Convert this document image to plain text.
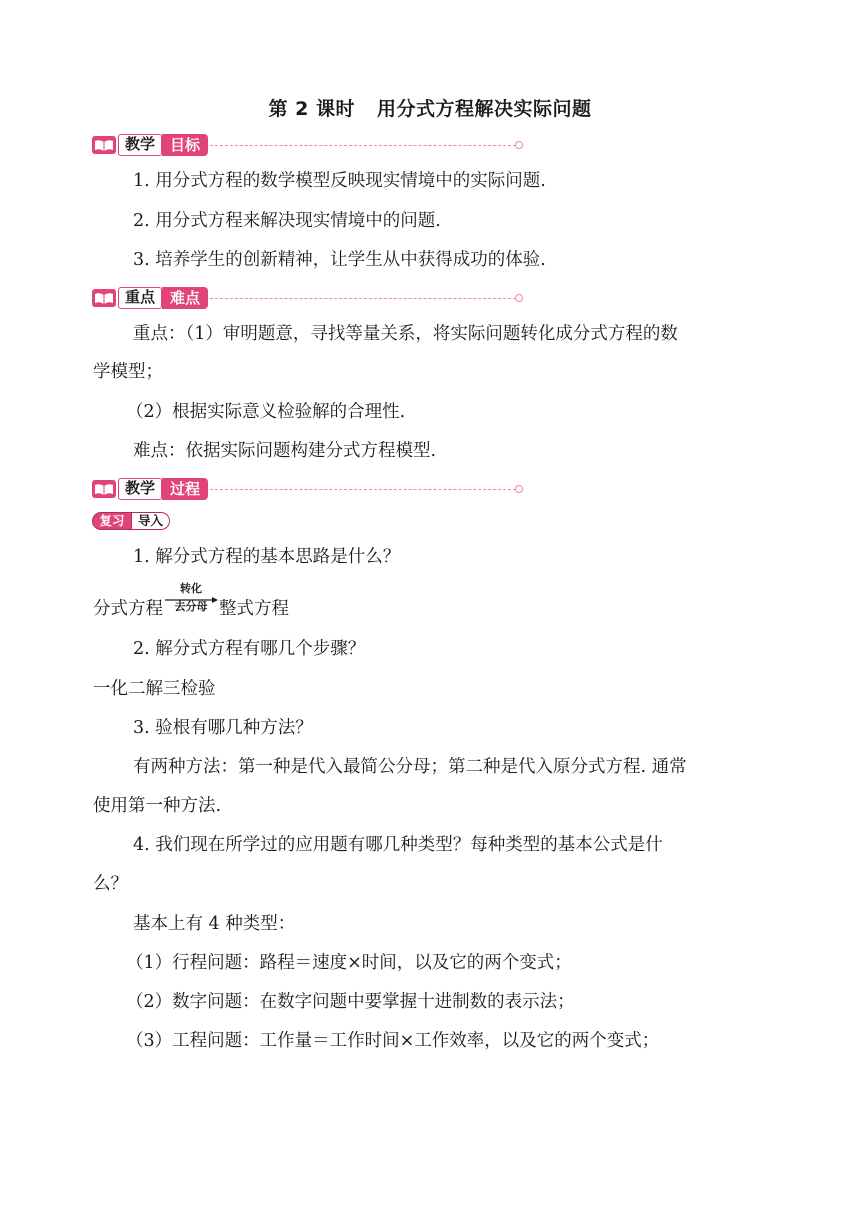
第 2 课时 用分式方程解决实际问题
教学 目标
1. 用分式方程的数学模型反映现实情境中的实际问题.
2. 用分式方程来解决现实情境中的问题.
3. 培养学生的创新精神，让学生从中获得成功的体验.
重点 难点
重点：（1）审明题意，寻找等量关系，将实际问题转化成分式方程的数
学模型；
（2）根据实际意义检验解的合理性.
难点：依据实际问题构建分式方程模型.
教学 过程
复习	导入
1. 解分式方程的基本思路是什么？
分式方程
转化
去分母 整式方程
2. 解分式方程有哪几个步骤？
一化二解三检验
3. 验根有哪几种方法？
有两种方法：第一种是代入最简公分母；第二种是代入原分式方程. 通常
使用第一种方法.
4. 我们现在所学过的应用题有哪几种类型？每种类型的基本公式是什
么？
基本上有 4 种类型：
（1）行程问题：路程＝速度×时间，以及它的两个变式；
（2）数字问题：在数字问题中要掌握十进制数的表示法；
（3）工程问题：工作量＝工作时间×工作效率，以及它的两个变式；
